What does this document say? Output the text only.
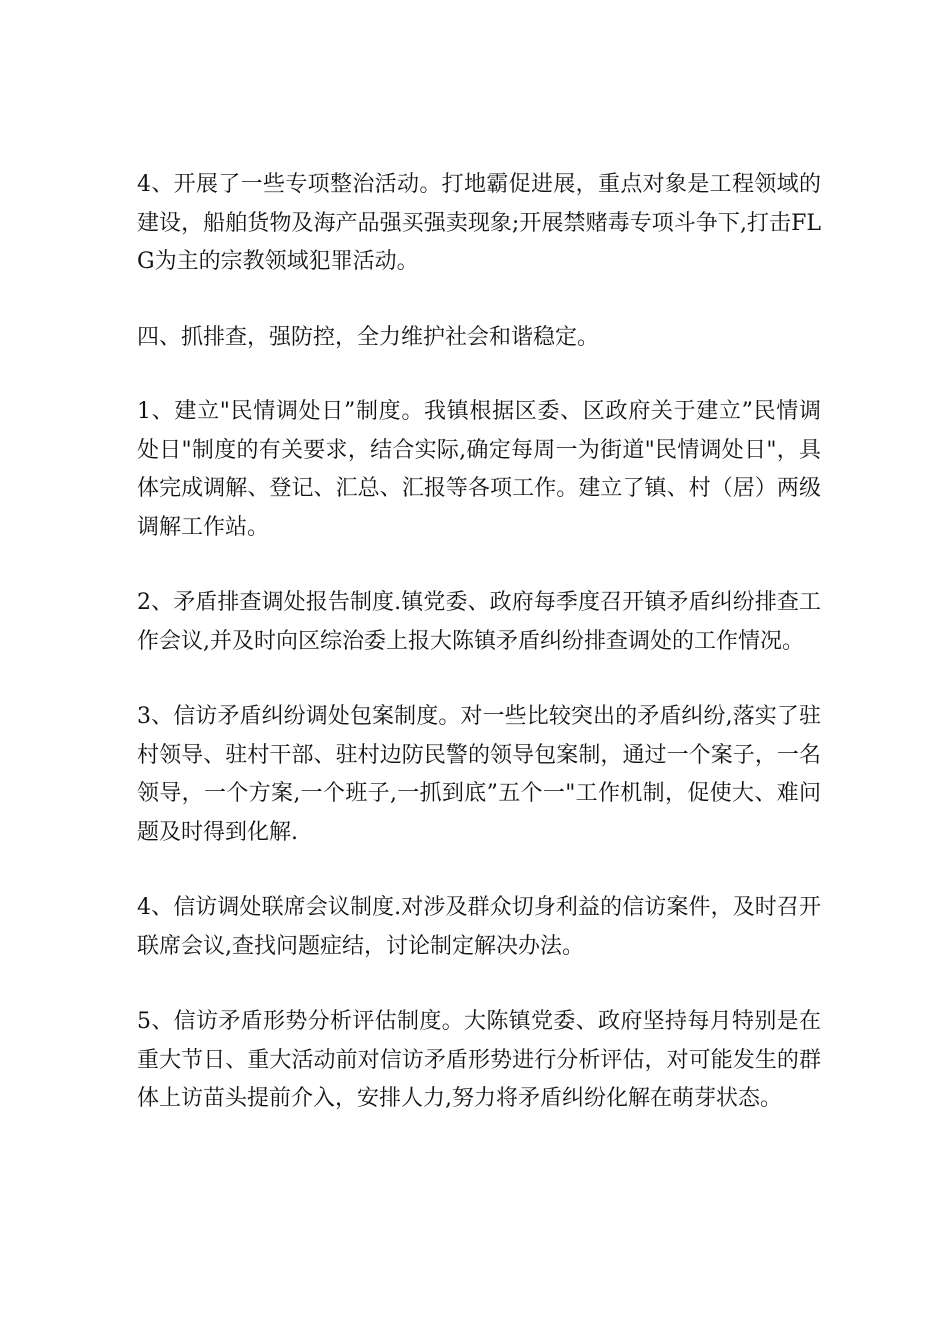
4、开展了一些专项整治活动。打地霸促进展，重点对象是工程领域的建设，船舶货物及海产品强买强卖现象;开展禁赌毒专项斗争下,打击FLG为主的宗教领域犯罪活动。

四、抓排查，强防控，全力维护社会和谐稳定。

1、建立"民情调处日”制度。我镇根据区委、区政府关于建立”民情调处日"制度的有关要求，结合实际,确定每周一为街道"民情调处日"，具体完成调解、登记、汇总、汇报等各项工作。建立了镇、村（居）两级调解工作站。

2、矛盾排查调处报告制度.镇党委、政府每季度召开镇矛盾纠纷排查工作会议,并及时向区综治委上报大陈镇矛盾纠纷排查调处的工作情况。

3、信访矛盾纠纷调处包案制度。对一些比较突出的矛盾纠纷,落实了驻村领导、驻村干部、驻村边防民警的领导包案制，通过一个案子，一名领导，一个方案,一个班子,一抓到底”五个一"工作机制，促使大、难问题及时得到化解.

4、信访调处联席会议制度.对涉及群众切身利益的信访案件，及时召开联席会议,查找问题症结，讨论制定解决办法。

5、信访矛盾形势分析评估制度。大陈镇党委、政府坚持每月特别是在重大节日、重大活动前对信访矛盾形势进行分析评估，对可能发生的群体上访苗头提前介入，安排人力,努力将矛盾纠纷化解在萌芽状态。
